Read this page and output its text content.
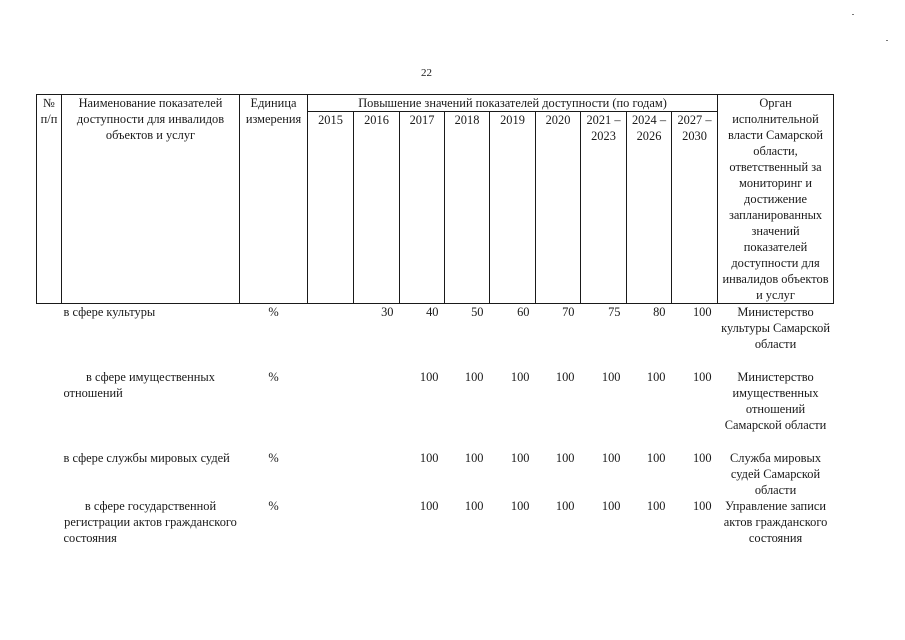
22
№ п/п	Наименование показателей доступности для инвалидов объектов и услуг	Единица измерения	Повышение значений показателей доступности (по годам)									Орган исполнительной власти Самарской области, ответственный за мониторинг и достижение запланированных значений показателей доступности для инвалидов объектов и услуг
			2015	2016	2017	2018	2019	2020	2021 – 2023	2024 – 2026	2027 – 2030	
	в сфере культуры	%		30	40	50	60	70	75	80	100	Министерство культуры Самарской области
	в сфере имущественных отношений	%			100	100	100	100	100	100	100	Министерство имущественных отношений Самарской области
	в сфере службы мировых судей	%			100	100	100	100	100	100	100	Служба мировых судей Самарской области
	в сфере государственной регистрации актов гражданского состояния	%			100	100	100	100	100	100	100	Управление записи актов гражданского состояния
